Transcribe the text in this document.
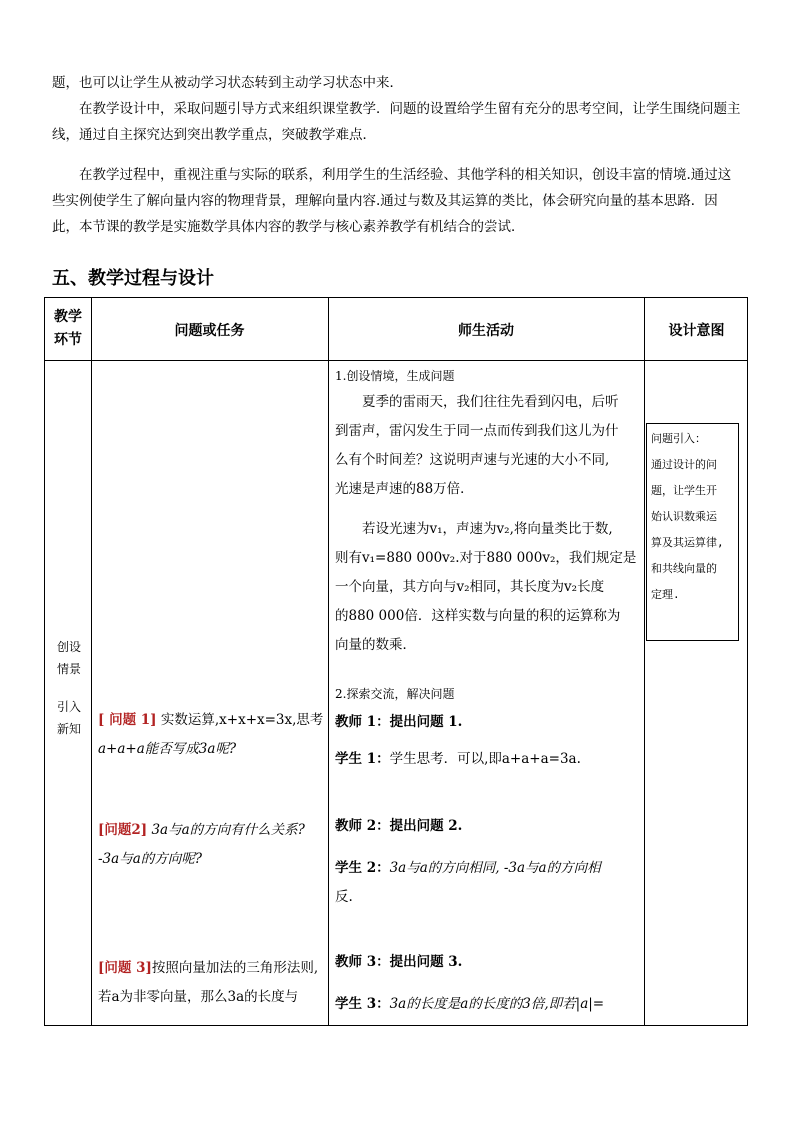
题，也可以让学生从被动学习状态转到主动学习状态中来．

在教学设计中，采取问题引导方式来组织课堂教学．问题的设置给学生留有充分的思考空间，让学生围绕问题主线，通过自主探究达到突出教学重点，突破教学难点．

在教学过程中，重视注重与实际的联系，利用学生的生活经验、其他学科的相关知识，创设丰富的情境.通过这些实例使学生了解向量内容的物理背景，理解向量内容.通过与数及其运算的类比，体会研究向量的基本思路．因此，本节课的教学是实施数学具体内容的教学与核心素养教学有机结合的尝试．

五、教学过程与设计
教学
环节
问题或任务	师生活动	设计意图
创设
情景
引入
新知
[ 问题 1] 实数运算,x+x+x=3x,思考
a+a+a能否写成3a呢?
[问题2] 3a与a的方向有什么关系?
-3a与a的方向呢?
[问题 3]按照向量加法的三角形法则,
若a为非零向量，那么3a的长度与
1.创设情境，生成问题
夏季的雷雨天，我们往往先看到闪电，后听
到雷声，雷闪发生于同一点而传到我们这儿为什
么有个时间差？这说明声速与光速的大小不同,
光速是声速的88万倍．
若设光速为v₁，声速为v₂,将向量类比于数,
则有v₁=880 000v₂.对于880 000v₂，我们规定是
一个向量，其方向与v₂相同，其长度为v₂长度
的880 000倍．这样实数与向量的积的运算称为
向量的数乘．
2.探索交流，解决问题
教师 1：提出问题 1.
学生 1：学生思考．可以,即a+a+a=3a.
教师 2：提出问题 2.
学生 2：3a与a的方向相同, -3a与a的方向相
反.
教师 3：提出问题 3.
学生 3：3a的长度是a的长度的3倍,即若|a|=
问题引入：
通过设计的问
题，让学生开
始认识数乘运
算及其运算律,
和共线向量的
定理.
